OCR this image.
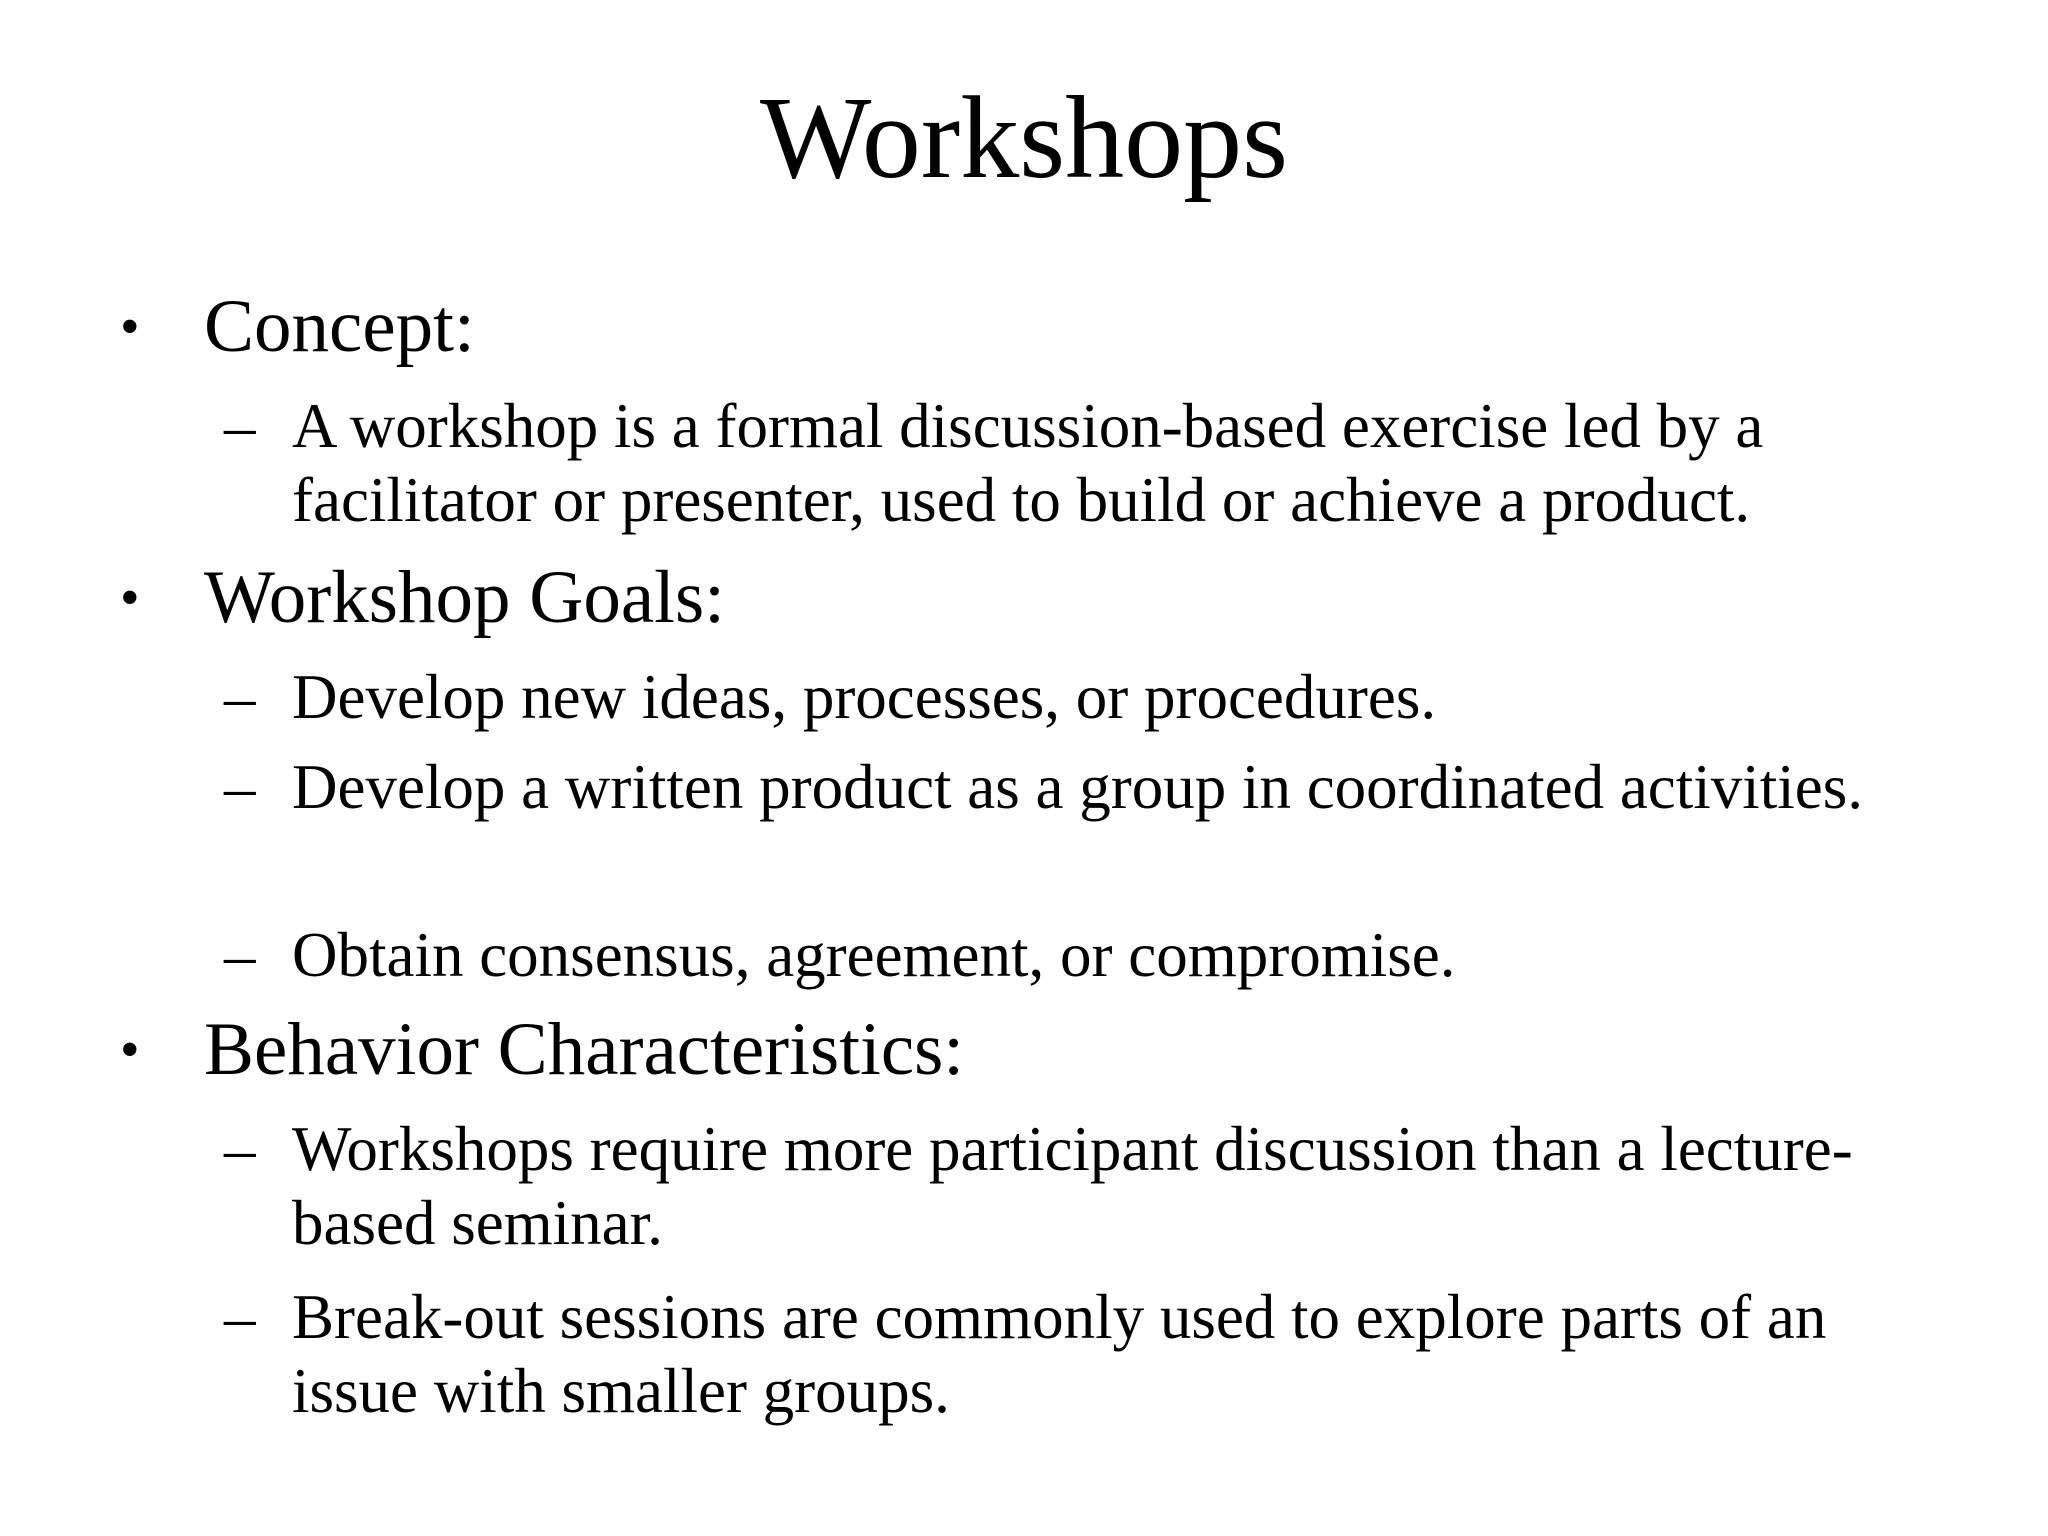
Workshops
• Concept:
– A workshop is a formal discussion-based exercise led by a facilitator or presenter, used to build or achieve a product.
• Workshop Goals:
– Develop new ideas, processes, or procedures.
– Develop a written product as a group in coordinated activities.
– Obtain consensus, agreement, or compromise.
• Behavior Characteristics:
– Workshops require more participant discussion than a lecture-based seminar.
– Break-out sessions are commonly used to explore parts of an issue with smaller groups.
